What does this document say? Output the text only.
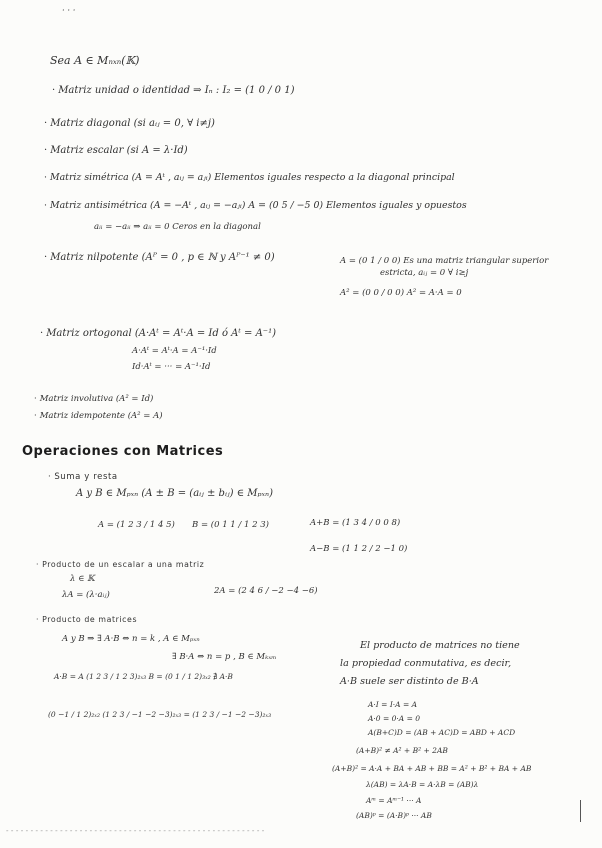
· · ·
Sea A ∈ Mₙₓₙ(𝕂)
· Matriz unidad o identidad ⇒ Iₙ : I₂ = (1 0 / 0 1)
· Matriz diagonal (si aᵢⱼ = 0, ∀ i≠j)
· Matriz escalar (si A = λ·Id)
· Matriz simétrica (A = Aᵗ , aᵢⱼ = aⱼᵢ) Elementos iguales respecto a la diagonal principal
· Matriz antisimétrica (A = −Aᵗ , aᵢⱼ = −aⱼᵢ) A = (0 5 / −5 0) Elementos iguales y opuestos
aᵢᵢ = −aᵢᵢ ⇒ aᵢᵢ = 0 Ceros en la diagonal
· Matriz nilpotente (Aᴾ = 0 , p ∈ ℕ y Aᴾ⁻¹ ≠ 0)	A = (0 1 / 0 0) Es una matriz triangular superior
estricta, aᵢⱼ = 0 ∀ i≥j
A² = (0 0 / 0 0) A² = A·A = 0
· Matriz ortogonal (A·Aᵗ = Aᵗ·A = Id ó Aᵗ = A⁻¹)
A·Aᵗ = Aᵗ·A = A⁻¹·Id
Id·Aᵗ = ··· = A⁻¹·Id
· Matriz involutiva (A² = Id)
· Matriz idempotente (A² = A)
Operaciones con Matrices
· Suma y resta
A y B ∈ Mₚₓₙ (A ± B = (aᵢⱼ ± bᵢⱼ) ∈ Mₚₓₙ)
A = (1 2 3 / 1 4 5) B = (0 1 1 / 1 2 3)	A+B = (1 3 4 / 0 0 8)
A−B = (1 1 2 / 2 −1 0)
· Producto de un escalar a una matriz
λ ∈ 𝕂
λA = (λ·aᵢⱼ)	2A = (2 4 6 / −2 −4 −6)
· Producto de matrices
A y B ⇒ ∃ A·B ⇔ n = k , A ∈ Mₚₓₙ
∃ B·A ⇔ n = p , B ∈ Mₖₓₘ
A·B = A (1 2 3 / 1 2 3)₂ₓ₃ B = (0 1 / 1 2)₃ₓ₂ ∄ A·B
(0 −1 / 1 2)₂ₓ₂ (1 2 3 / −1 −2 −3)₂ₓ₃ = (1 2 3 / −1 −2 −3)₂ₓ₃
El producto de matrices no tiene
la propiedad conmutativa, es decir,
A·B suele ser distinto de B·A
A·I = I·A = A
A·0 = 0·A = 0
A(B+C)D = (AB + AC)D = ABD + ACD
(A+B)² ≠ A² + B² + 2AB
(A+B)² = A·A + BA + AB + BB = A² + B² + BA + AB
λ(AB) = λA·B = A·λB = (AB)λ
Aᵐ = Aᵐ⁻¹ ··· A
(AB)ᵖ = (A·B)ᵖ ··· AB
- - - - - - - - - - - - - - - - - - - - - - - - - - - - - - - - - - - - - - - - - - - - - - - - - - - - -
